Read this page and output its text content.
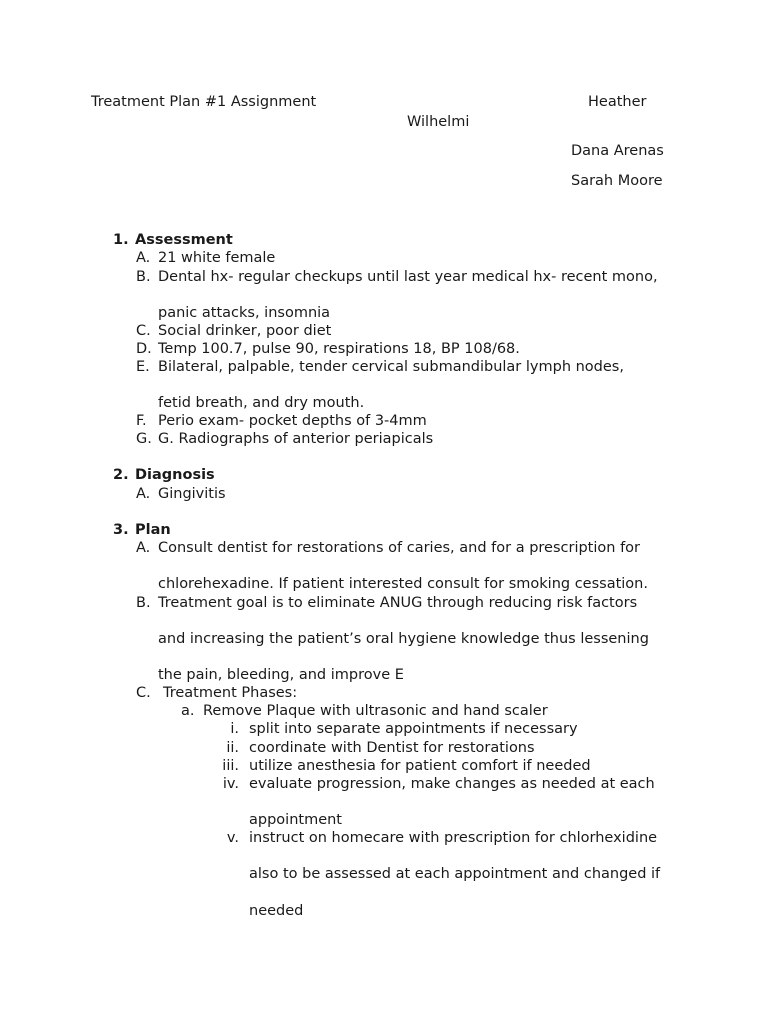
Treatment Plan #1 Assignment	Heather
Wilhelmi
Dana Arenas
Sarah Moore
1. Assessment
A. 21 white female
B. Dental hx- regular checkups until last year medical hx- recent mono,
panic attacks, insomnia
C. Social drinker, poor diet
D. Temp 100.7, pulse 90, respirations 18, BP 108/68.
E. Bilateral, palpable, tender cervical submandibular lymph nodes,
fetid breath, and dry mouth.
F. Perio exam- pocket depths of 3-4mm
G. G. Radiographs of anterior periapicals
2. Diagnosis
A. Gingivitis
3. Plan
A. Consult dentist for restorations of caries, and for a prescription for
chlorehexadine. If patient interested consult for smoking cessation.
B. Treatment goal is to eliminate ANUG through reducing risk factors
and increasing the patient’s oral hygiene knowledge thus lessening
the pain, bleeding, and improve E
C. Treatment Phases:
a. Remove Plaque with ultrasonic and hand scaler
i. split into separate appointments if necessary
ii. coordinate with Dentist for restorations
iii. utilize anesthesia for patient comfort if needed
iv. evaluate progression, make changes as needed at each
appointment
v. instruct on homecare with prescription for chlorhexidine
also to be assessed at each appointment and changed if
needed
